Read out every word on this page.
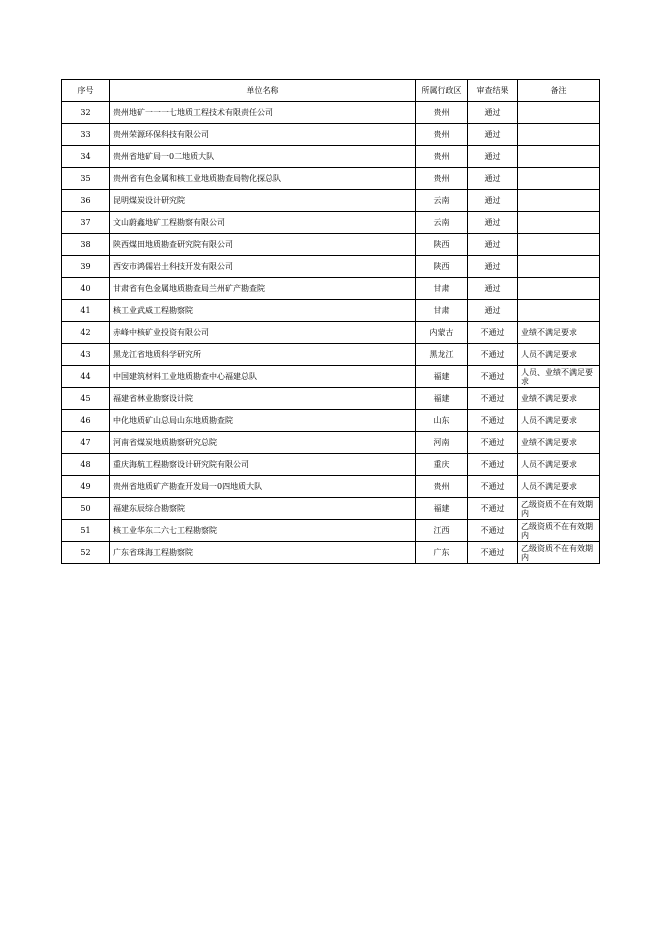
序号	单位名称	所属行政区	审查结果	备注
32	贵州地矿一一一七地质工程技术有限责任公司	贵州	通过	
33	贵州荣源环保科技有限公司	贵州	通过	
34	贵州省地矿局一0二地质大队	贵州	通过	
35	贵州省有色金属和核工业地质勘查局物化探总队	贵州	通过	
36	昆明煤炭设计研究院	云南	通过	
37	文山蔚鑫地矿工程勘察有限公司	云南	通过	
38	陕西煤田地质勘查研究院有限公司	陕西	通过	
39	西安市鸿儒岩土科技开发有限公司	陕西	通过	
40	甘肃省有色金属地质勘查局兰州矿产勘查院	甘肃	通过	
41	核工业武威工程勘察院	甘肃	通过	
42	赤峰中核矿业投资有限公司	内蒙古	不通过	业绩不满足要求
43	黑龙江省地质科学研究所	黑龙江	不通过	人员不满足要求
44	中国建筑材料工业地质勘查中心福建总队	福建	不通过	人员、业绩不满足要求
45	福建省林业勘察设计院	福建	不通过	业绩不满足要求
46	中化地质矿山总局山东地质勘查院	山东	不通过	人员不满足要求
47	河南省煤炭地质勘察研究总院	河南	不通过	业绩不满足要求
48	重庆海航工程勘察设计研究院有限公司	重庆	不通过	人员不满足要求
49	贵州省地质矿产勘查开发局一0四地质大队	贵州	不通过	人员不满足要求
50	福建东辰综合勘察院	福建	不通过	乙级资质不在有效期内
51	核工业华东二六七工程勘察院	江西	不通过	乙级资质不在有效期内
52	广东省珠海工程勘察院	广东	不通过	乙级资质不在有效期内
